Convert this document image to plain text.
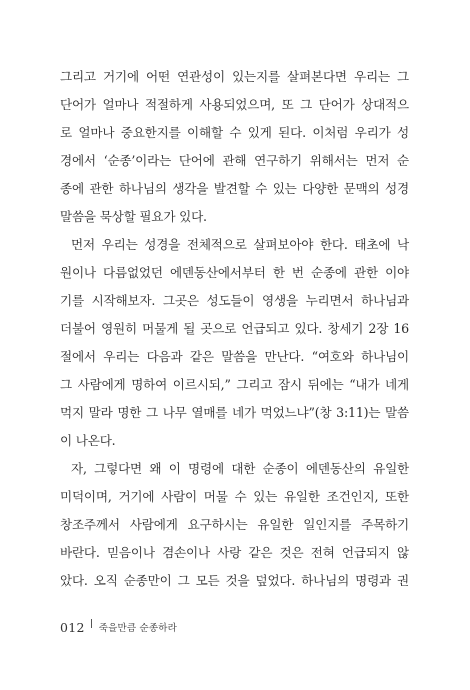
그리고 거기에 어떤 연관성이 있는지를 살펴본다면 우리는 그
단어가 얼마나 적절하게 사용되었으며, 또 그 단어가 상대적으
로 얼마나 중요한지를 이해할 수 있게 된다. 이처럼 우리가 성
경에서 ‘순종’이라는 단어에 관해 연구하기 위해서는 먼저 순
종에 관한 하나님의 생각을 발견할 수 있는 다양한 문맥의 성경
말씀을 묵상할 필요가 있다.
먼저 우리는 성경을 전체적으로 살펴보아야 한다. 태초에 낙
원이나 다름없었던 에덴동산에서부터 한 번 순종에 관한 이야
기를 시작해보자. 그곳은 성도들이 영생을 누리면서 하나님과
더불어 영원히 머물게 될 곳으로 언급되고 있다. 창세기 2장 16
절에서 우리는 다음과 같은 말씀을 만난다. “여호와 하나님이
그 사람에게 명하여 이르시되,” 그리고 잠시 뒤에는 “내가 네게
먹지 말라 명한 그 나무 열매를 네가 먹었느냐”(창 3:11)는 말씀
이 나온다.
자, 그렇다면 왜 이 명령에 대한 순종이 에덴동산의 유일한
미덕이며, 거기에 사람이 머물 수 있는 유일한 조건인지, 또한
창조주께서 사람에게 요구하시는 유일한 일인지를 주목하기
바란다. 믿음이나 겸손이나 사랑 같은 것은 전혀 언급되지 않
았다. 오직 순종만이 그 모든 것을 덮었다. 하나님의 명령과 권
012 죽을만큼 순종하라
